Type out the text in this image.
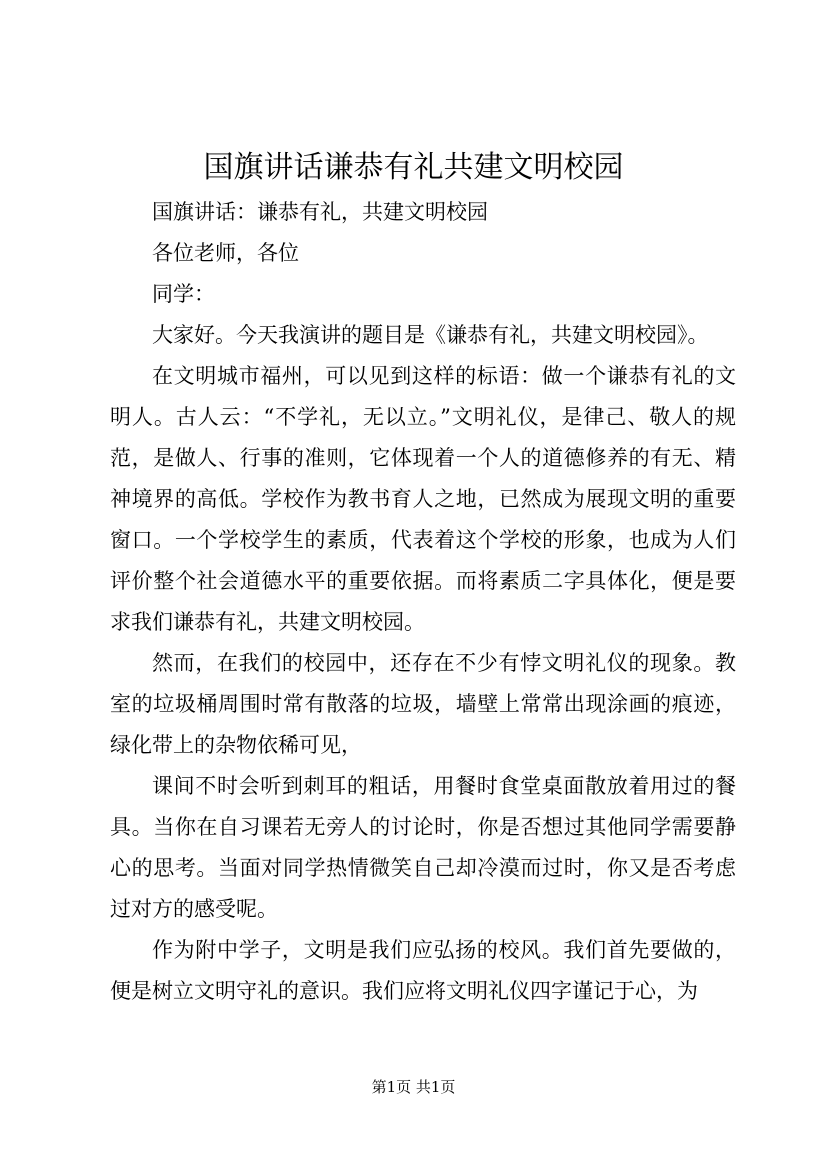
国旗讲话谦恭有礼共建文明校园

国旗讲话：谦恭有礼，共建文明校园

各位老师，各位

同学：

大家好。今天我演讲的题目是《谦恭有礼，共建文明校园》。

在文明城市福州，可以见到这样的标语：做一个谦恭有礼的文明人。古人云：“不学礼，无以立。”文明礼仪，是律己、敬人的规范，是做人、行事的准则，它体现着一个人的道德修养的有无、精神境界的高低。学校作为教书育人之地，已然成为展现文明的重要窗口。一个学校学生的素质，代表着这个学校的形象，也成为人们评价整个社会道德水平的重要依据。而将素质二字具体化，便是要求我们谦恭有礼，共建文明校园。

然而，在我们的校园中，还存在不少有悖文明礼仪的现象。教室的垃圾桶周围时常有散落的垃圾，墙壁上常常出现涂画的痕迹，绿化带上的杂物依稀可见，

课间不时会听到刺耳的粗话，用餐时食堂桌面散放着用过的餐具。当你在自习课若无旁人的讨论时，你是否想过其他同学需要静心的思考。当面对同学热情微笑自己却冷漠而过时，你又是否考虑过对方的感受呢。

作为附中学子，文明是我们应弘扬的校风。我们首先要做的，便是树立文明守礼的意识。我们应将文明礼仪四字谨记于心，为

第1页 共1页
